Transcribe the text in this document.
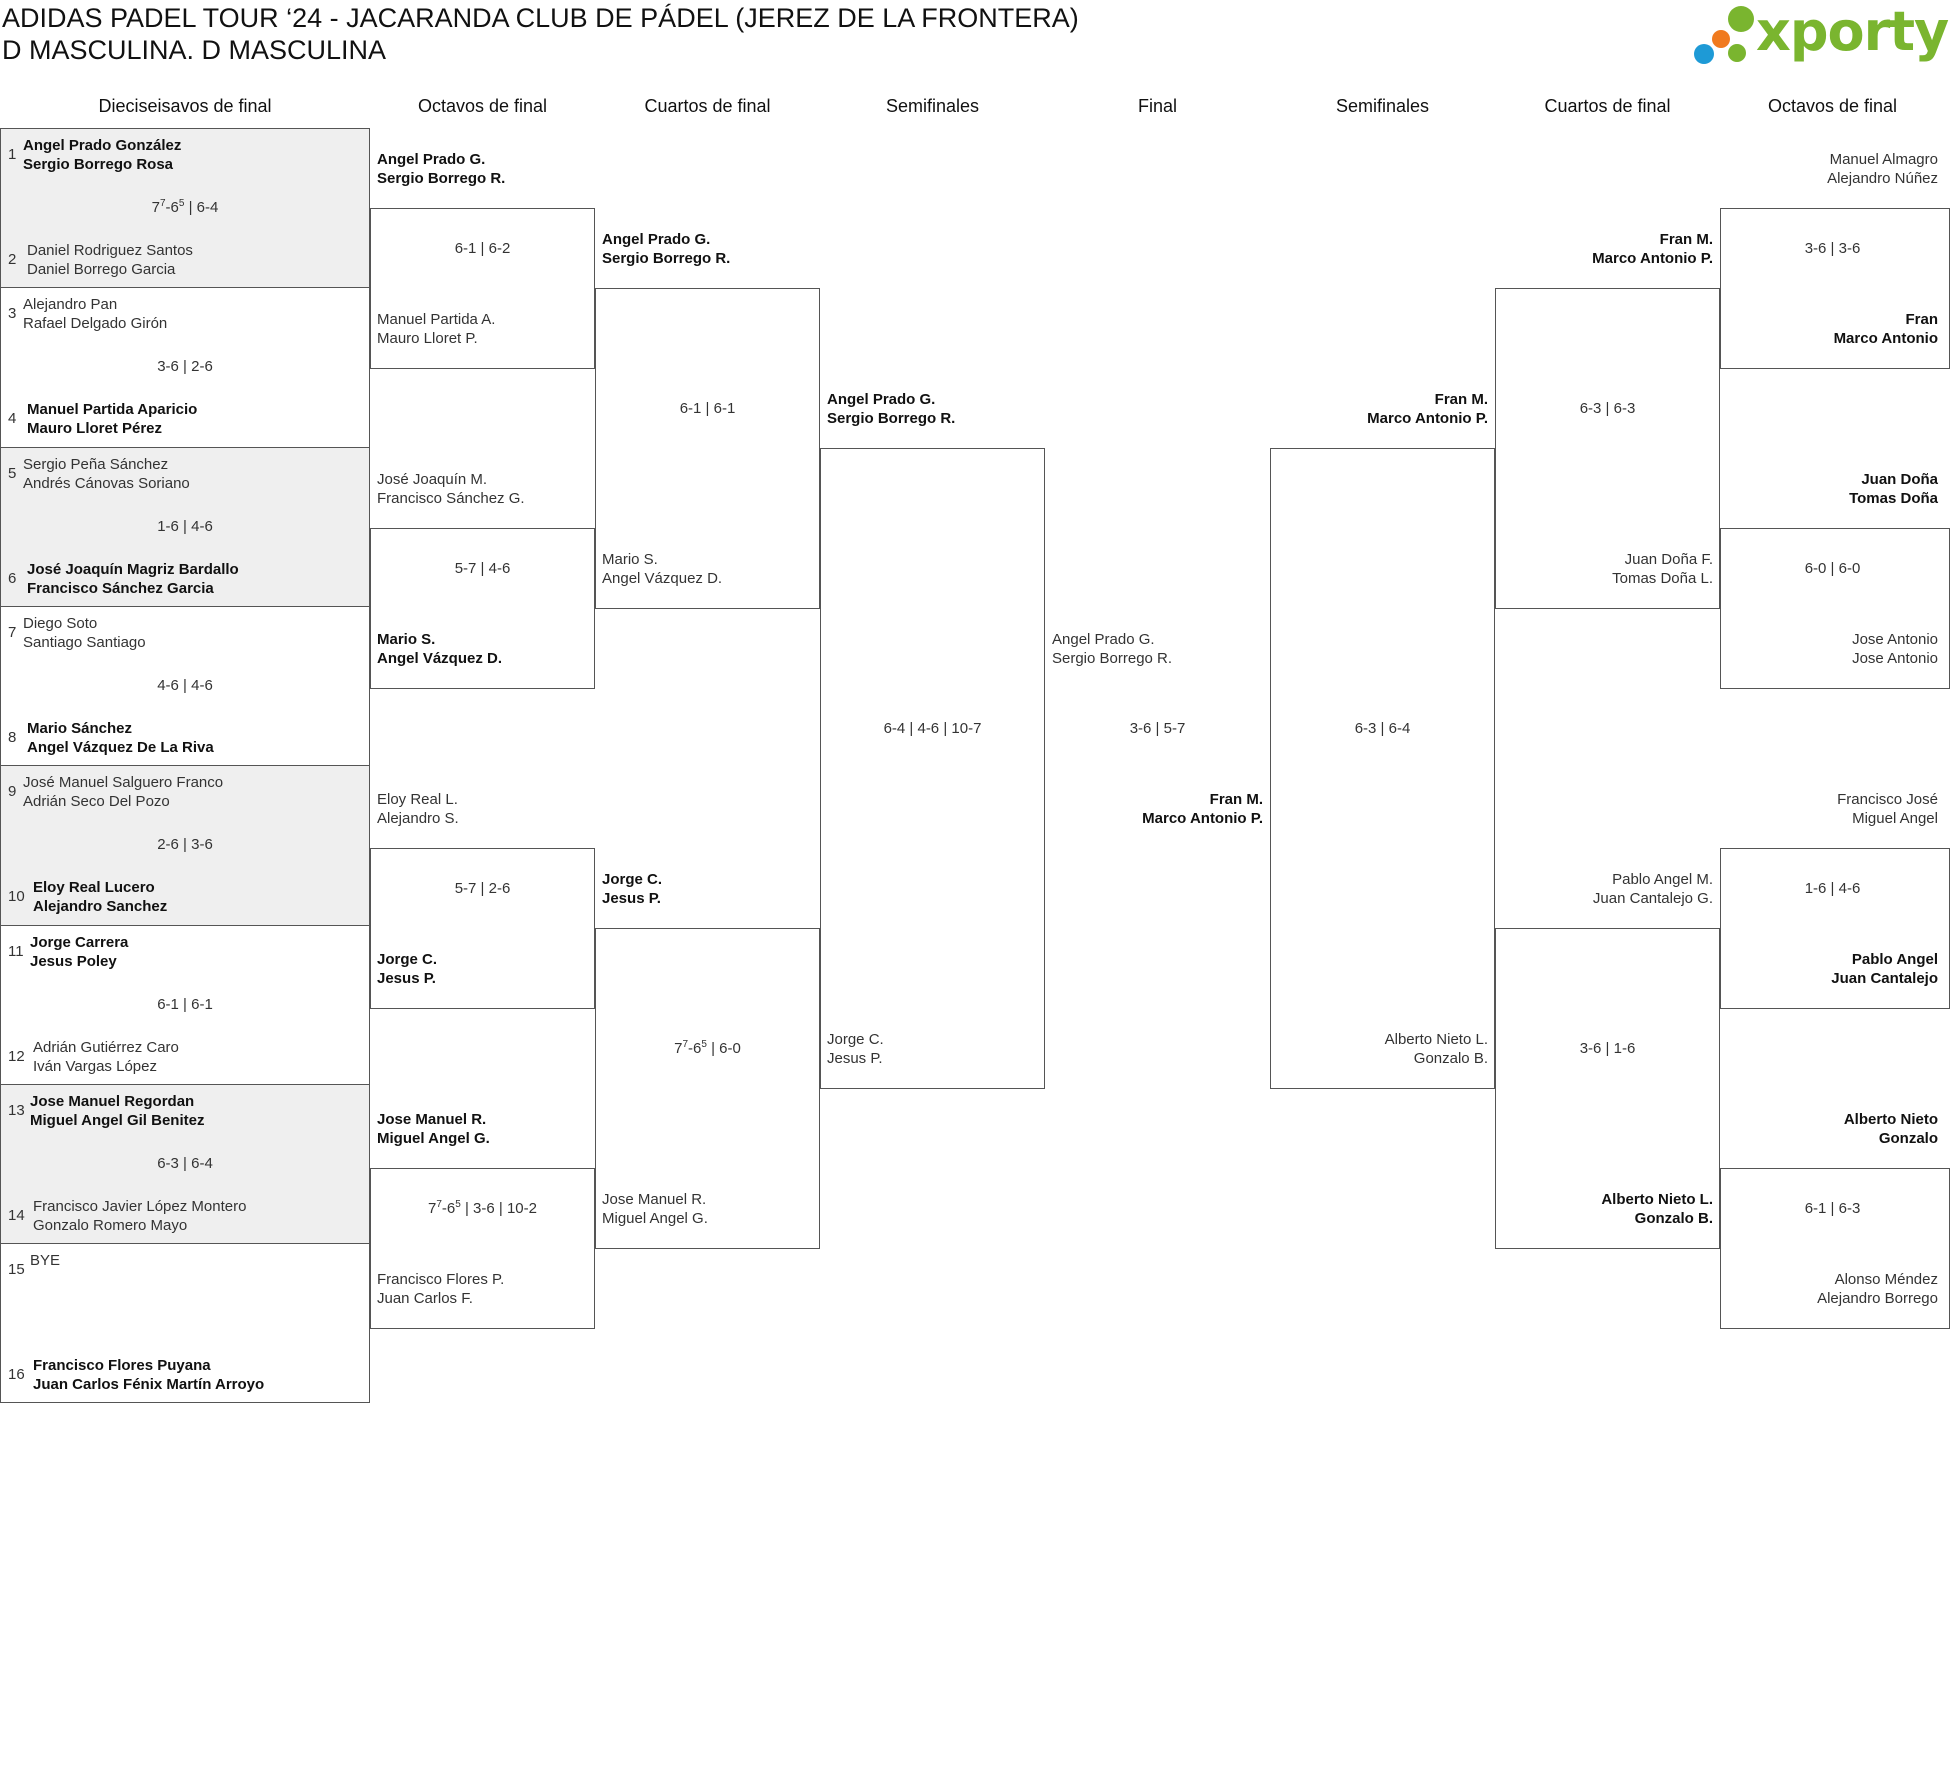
ADIDAS PADEL TOUR ‘24 - JACARANDA CLUB DE PÁDEL (JEREZ DE LA FRONTERA)
D MASCULINA. D MASCULINA	xporty
Dieciseisavos de final	Octavos de final	Cuartos de final	Semifinales	Final	Semifinales	Cuartos de final	Octavos de final
1
2
Angel Prado González
Sergio Borrego Rosa
Daniel Rodriguez Santos
Daniel Borrego Garcia
$7^7-6^5$ | 6-4
3
4
Alejandro Pan
Rafael Delgado Girón
Manuel Partida Aparicio
Mauro Lloret Pérez
3-6 | 2-6
5
6
Sergio Peña Sánchez
Andrés Cánovas Soriano
José Joaquín Magriz Bardallo
Francisco Sánchez Garcia
1-6 | 4-6
7
8
Diego Soto
Santiago Santiago
Mario Sánchez
Angel Vázquez De La Riva
4-6 | 4-6
9
10
José Manuel Salguero Franco
Adrián Seco Del Pozo
Eloy Real Lucero
Alejandro Sanchez
2-6 | 3-6
11
12
Jorge Carrera
Jesus Poley
Adrián Gutiérrez Caro
Iván Vargas López
6-1 | 6-1
13
14
Jose Manuel Regordan
Miguel Angel Gil Benitez
Francisco Javier López Montero
Gonzalo Romero Mayo
6-3 | 6-4
15
16
BYE
Francisco Flores Puyana
Juan Carlos Fénix Martín Arroyo
Angel Prado G.
Sergio Borrego R.
Manuel Partida A.
Mauro Lloret P.
6-1 | 6-2
José Joaquín M.
Francisco Sánchez G.
Mario S.
Angel Vázquez D.
5-7 | 4-6
Eloy Real L.
Alejandro S.
Jorge C.
Jesus P.
5-7 | 2-6
Jose Manuel R.
Miguel Angel G.
Francisco Flores P.
Juan Carlos F.
$7^7-6^5$ | 3-6 | 10-2
Angel Prado G.
Sergio Borrego R.
Mario S.
Angel Vázquez D.
6-1 | 6-1
Jorge C.
Jesus P.
Jose Manuel R.
Miguel Angel G.
$7^7-6^5$ | 6-0
Angel Prado G.
Sergio Borrego R.
Jorge C.
Jesus P.
6-4 | 4-6 | 10-7
Angel Prado G.
Sergio Borrego R.
Fran M.
Marco Antonio P.
3-6 | 5-7
Fran M.
Marco Antonio P.
Alberto Nieto L.
Gonzalo B.
6-3 | 6-4
Fran M.
Marco Antonio P.
Juan Doña F.
Tomas Doña L.
6-3 | 6-3
Pablo Angel M.
Juan Cantalejo G.
Alberto Nieto L.
Gonzalo B.
3-6 | 1-6
Manuel Almagro
Alejandro Núñez
Fran
Marco Antonio
3-6 | 3-6
Juan Doña
Tomas Doña
Jose Antonio
Jose Antonio
6-0 | 6-0
Francisco José
Miguel Angel
Pablo Angel
Juan Cantalejo
1-6 | 4-6
Alberto Nieto
Gonzalo
Alonso Méndez
Alejandro Borrego
6-1 | 6-3
